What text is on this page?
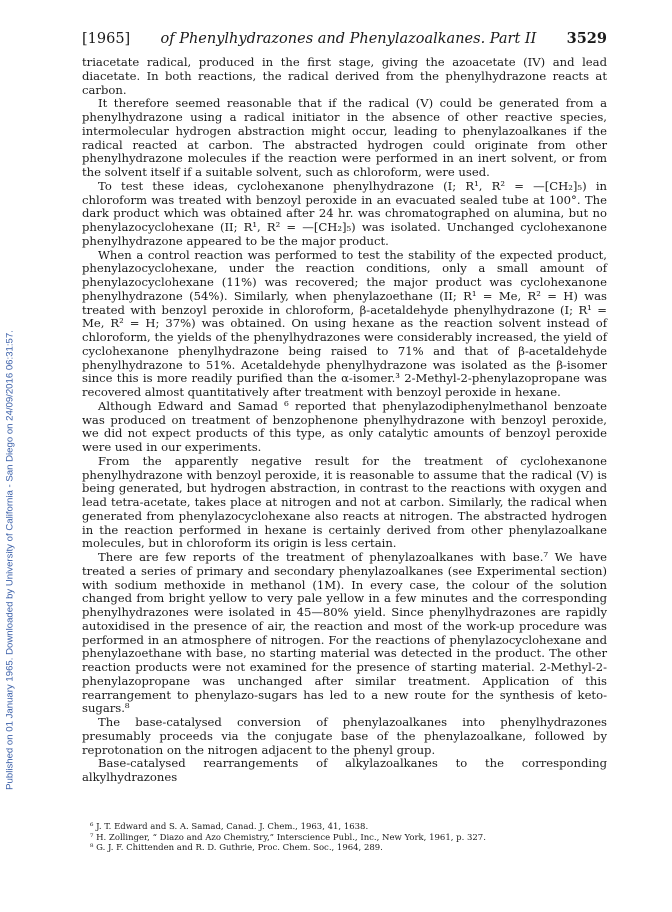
Published on 01 January 1965. Downloaded by University of California - San Diego on 24/09/2016 06:31:57.
[1965] of Phenylhydrazones and Phenylazoalkanes. Part II 3529

triacetate radical, produced in the first stage, giving the azoacetate (IV) and lead diacetate. In both reactions, the radical derived from the phenylhydrazone reacts at carbon.

It therefore seemed reasonable that if the radical (V) could be generated from a phenylhydrazone using a radical initiator in the absence of other reactive species, intermolecular hydrogen abstraction might occur, leading to phenylazoalkanes if the radical reacted at carbon. The abstracted hydrogen could originate from other phenylhydrazone molecules if the reaction were performed in an inert solvent, or from the solvent itself if a suitable solvent, such as chloroform, were used.

To test these ideas, cyclohexanone phenylhydrazone (I; R¹, R² = —[CH₂]₅) in chloroform was treated with benzoyl peroxide in an evacuated sealed tube at 100°. The dark product which was obtained after 24 hr. was chromatographed on alumina, but no phenylazocyclohexane (II; R¹, R² = —[CH₂]₅) was isolated. Unchanged cyclohexanone phenylhydrazone appeared to be the major product.

When a control reaction was performed to test the stability of the expected product, phenylazocyclohexane, under the reaction conditions, only a small amount of phenylazocyclohexane (11%) was recovered; the major product was cyclohexanone phenylhydrazone (54%). Similarly, when phenylazoethane (II; R¹ = Me, R² = H) was treated with benzoyl peroxide in chloroform, β-acetaldehyde phenylhydrazone (I; R¹ = Me, R² = H; 37%) was obtained. On using hexane as the reaction solvent instead of chloroform, the yields of the phenylhydrazones were considerably increased, the yield of cyclohexanone phenylhydrazone being raised to 71% and that of β-acetaldehyde phenylhydrazone to 51%. Acetaldehyde phenylhydrazone was isolated as the β-isomer since this is more readily purified than the α-isomer.³ 2-Methyl-2-phenylazopropane was recovered almost quantitatively after treatment with benzoyl peroxide in hexane.

Although Edward and Samad ⁶ reported that phenylazodiphenylmethanol benzoate was produced on treatment of benzophenone phenylhydrazone with benzoyl peroxide, we did not expect products of this type, as only catalytic amounts of benzoyl peroxide were used in our experiments.

From the apparently negative result for the treatment of cyclohexanone phenylhydrazone with benzoyl peroxide, it is reasonable to assume that the radical (V) is being generated, but hydrogen abstraction, in contrast to the reactions with oxygen and lead tetra-acetate, takes place at nitrogen and not at carbon. Similarly, the radical when generated from phenylazocyclohexane also reacts at nitrogen. The abstracted hydrogen in the reaction performed in hexane is certainly derived from other phenylazoalkane molecules, but in chloroform its origin is less certain.

There are few reports of the treatment of phenylazoalkanes with base.⁷ We have treated a series of primary and secondary phenylazoalkanes (see Experimental section) with sodium methoxide in methanol (1M). In every case, the colour of the solution changed from bright yellow to very pale yellow in a few minutes and the corresponding phenylhydrazones were isolated in 45—80% yield. Since phenylhydrazones are rapidly autoxidised in the presence of air, the reaction and most of the work-up procedure was performed in an atmosphere of nitrogen. For the reactions of phenylazocyclohexane and phenylazoethane with base, no starting material was detected in the product. The other reaction products were not examined for the presence of starting material. 2-Methyl-2-phenylazopropane was unchanged after similar treatment. Application of this rearrangement to phenylazo-sugars has led to a new route for the synthesis of keto-sugars.⁸

The base-catalysed conversion of phenylazoalkanes into phenylhydrazones presumably proceeds via the conjugate base of the phenylazoalkane, followed by reprotonation on the nitrogen adjacent to the phenyl group.

Base-catalysed rearrangements of alkylazoalkanes to the corresponding alkylhydrazones

⁶ J. T. Edward and S. A. Samad, Canad. J. Chem., 1963, 41, 1638.
⁷ H. Zollinger, “ Diazo and Azo Chemistry,” Interscience Publ., Inc., New York, 1961, p. 327.
⁸ G. J. F. Chittenden and R. D. Guthrie, Proc. Chem. Soc., 1964, 289.
